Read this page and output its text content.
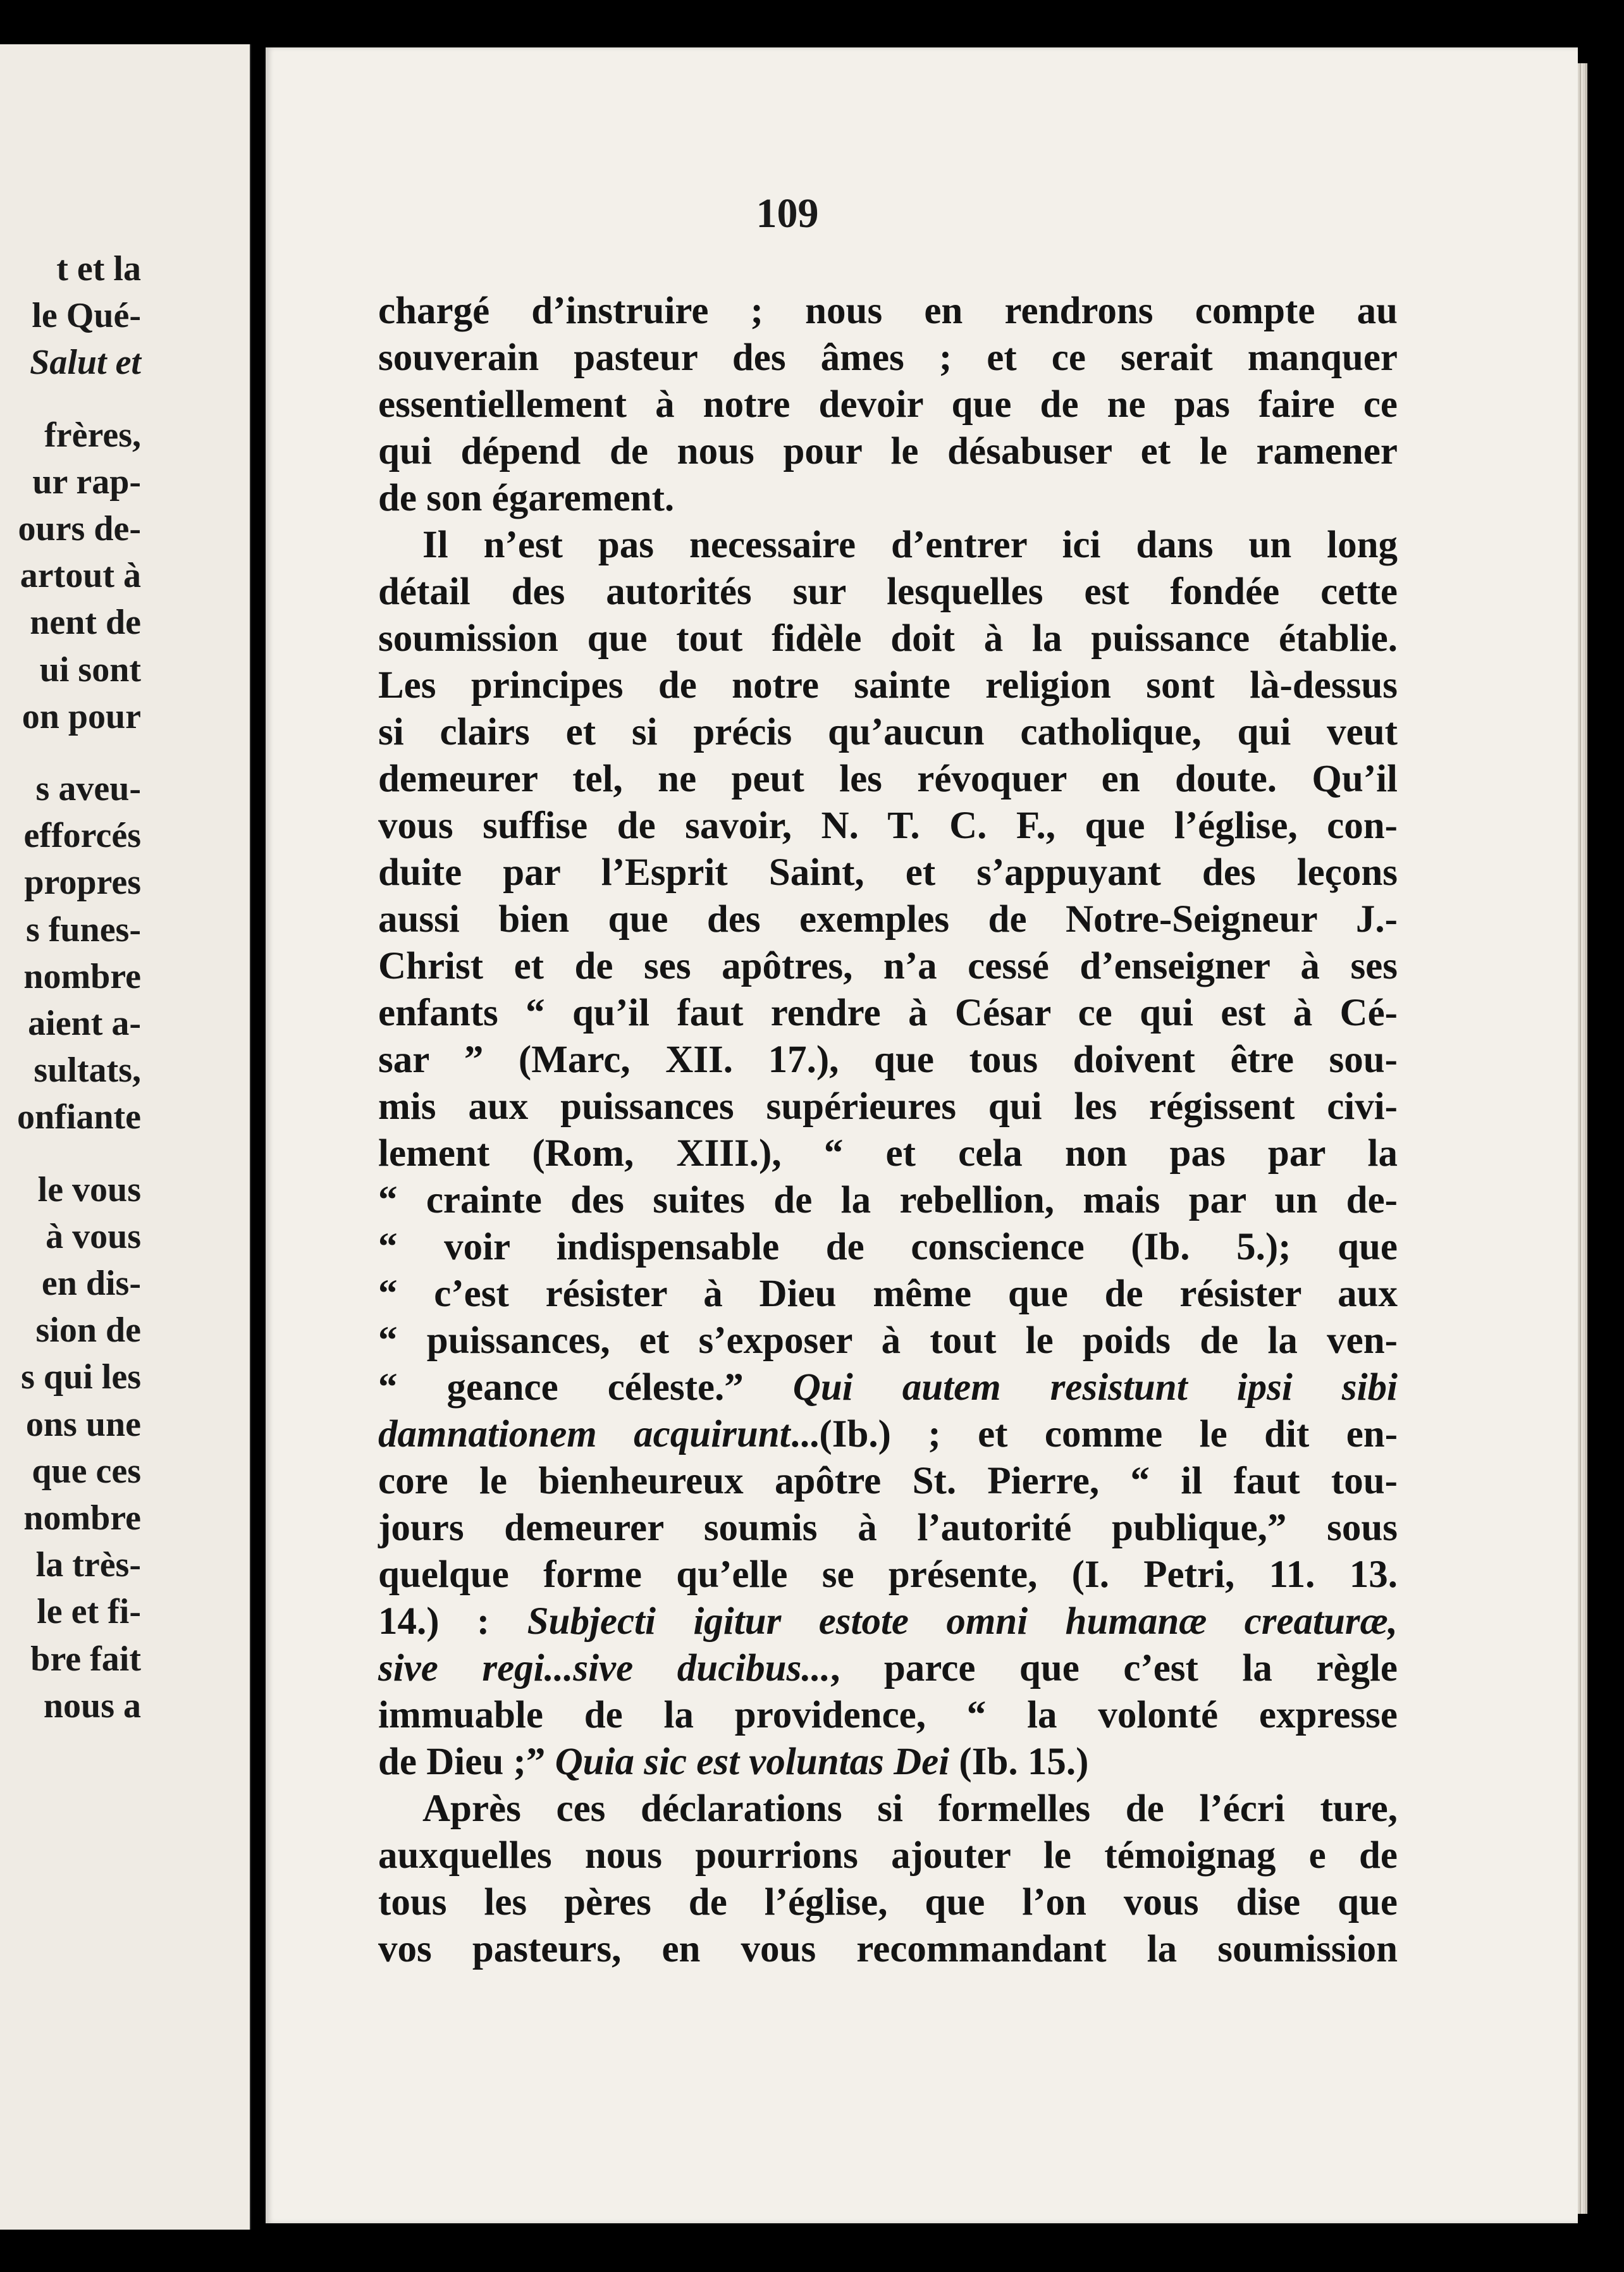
t et la
le Qué-
Salut et
frères,
ur rap-
ours de-
artout à
nent de
ui sont
on pour
s aveu-
efforcés
propres
s funes-
nombre
aient a-
sultats,
onfiante
le vous
à vous
en dis-
sion de
s qui les
ons une
que ces
nombre
la très-
le et fi-
bre fait
nous a
109
chargé d’instruire ; nous en rendrons compte au
souverain pasteur des âmes ; et ce serait manquer
essentiellement à notre devoir que de ne pas faire ce
qui dépend de nous pour le désabuser et le ramener
de son égarement.
Il n’est pas necessaire d’entrer ici dans un long
détail des autorités sur lesquelles est fondée cette
soumission que tout fidèle doit à la puissance établie.
Les principes de notre sainte religion sont là-dessus
si clairs et si précis qu’aucun catholique, qui veut
demeurer tel, ne peut les révoquer en doute. Qu’il
vous suffise de savoir, N. T. C. F., que l’église, con-
duite par l’Esprit Saint, et s’appuyant des leçons
aussi bien que des exemples de Notre-Seigneur J.-
Christ et de ses apôtres, n’a cessé d’enseigner à ses
enfants “ qu’il faut rendre à César ce qui est à Cé-
sar ” (Marc, XII. 17.), que tous doivent être sou-
mis aux puissances supérieures qui les régissent civi-
lement (Rom, XIII.), “ et cela non pas par la
“ crainte des suites de la rebellion, mais par un de-
“ voir indispensable de conscience (Ib. 5.); que
“ c’est résister à Dieu même que de résister aux
“ puissances, et s’exposer à tout le poids de la ven-
“ geance céleste.” Qui autem resistunt ipsi sibi
damnationem acquirunt...(Ib.) ; et comme le dit en-
core le bienheureux apôtre St. Pierre, “ il faut tou-
jours demeurer soumis à l’autorité publique,” sous
quelque forme qu’elle se présente, (I. Petri, 11. 13.
14.) : Subjecti igitur estote omni humanæ creaturæ,
sive regi...sive ducibus..., parce que c’est la règle
immuable de la providence, “ la volonté expresse
de Dieu ;” Quia sic est voluntas Dei (Ib. 15.)
Après ces déclarations si formelles de l’écri ture,
auxquelles nous pourrions ajouter le témoignag e de
tous les pères de l’église, que l’on vous dise que
vos pasteurs, en vous recommandant la soumission
